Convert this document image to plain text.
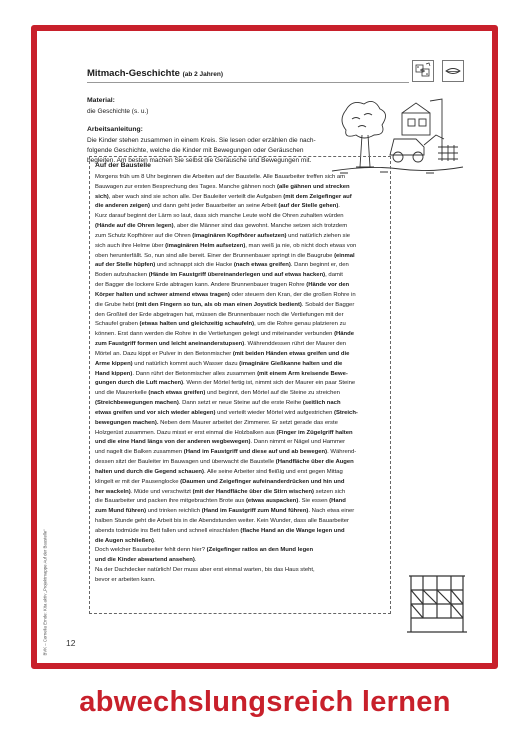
BVK – Cornelia Ernde: Kita aktiv „Projektmappe Auf der Baustelle“
Mitmach-Geschichte (ab 2 Jahren)
Material:
die Geschichte (s. u.)
Arbeitsanleitung:
Die Kinder stehen zusammen in einem Kreis. Sie lesen oder erzählen die nach-
folgende Geschichte, welche die Kinder mit Bewegungen oder Geräuschen
begleiten. Am besten machen Sie selbst die Geräusche und Bewegungen mit.
Auf der Baustelle
Morgens früh um 8 Uhr beginnen die Arbeiten auf der Baustelle. Alle Bauarbeiter treffen sich am
Bauwagen zur ersten Besprechung des Tages. Manche gähnen noch (alle gähnen und strecken
sich), aber wach sind sie schon alle. Der Bauleiter verteilt die Aufgaben (mit dem Zeigefinger auf
die anderen zeigen) und dann geht jeder Bauarbeiter an seine Arbeit (auf der Stelle gehen).
Kurz darauf beginnt der Lärm so laut, dass sich manche Leute wohl die Ohren zuhalten würden
(Hände auf die Ohren legen), aber die Männer sind das gewohnt. Manche setzen sich trotzdem
zum Schutz Kopfhörer auf die Ohren (imaginären Kopfhörer aufsetzen) und natürlich ziehen sie
sich auch ihre Helme über (imaginären Helm aufsetzen), man weiß ja nie, ob nicht doch etwas von
oben herunterfällt. So, nun sind alle bereit. Einer der Brunnenbauer springt in die Baugrube (einmal
auf der Stelle hüpfen) und schnappt sich die Hacke (nach etwas greifen). Dann beginnt er, den
Boden aufzuhacken (Hände im Faustgriff übereinanderlegen und auf etwas hacken), damit
der Bagger die lockere Erde abtragen kann. Andere Brunnenbauer tragen Rohre (Hände vor den
Körper halten und schwer atmend etwas tragen) oder steuern den Kran, der die großen Rohre in
die Grube hebt (mit den Fingern so tun, als ob man einen Joystick bedient). Sobald der Bagger
den Großteil der Erde abgetragen hat, müssen die Brunnenbauer noch die Vertiefungen mit der
Schaufel graben (etwas halten und gleichzeitig schaufeln), um die Rohre genau platzieren zu
können. Erst dann werden die Rohre in die Vertiefungen gelegt und miteinander verbunden (Hände
zum Faustgriff formen und leicht aneinanderstupsen). Währenddessen rührt der Maurer den
Mörtel an. Dazu kippt er Pulver in den Betonmischer (mit beiden Händen etwas greifen und die
Arme kippen) und natürlich kommt auch Wasser dazu (imaginäre Gießkanne halten und die
Hand kippen). Dann rührt der Betonmischer alles zusammen (mit einem Arm kreisende Bewe-
gungen durch die Luft machen). Wenn der Mörtel fertig ist, nimmt sich der Maurer ein paar Steine
und die Maurerkelle (nach etwas greifen) und beginnt, den Mörtel auf die Steine zu streichen
(Streichbewegungen machen). Dann setzt er neue Steine auf die erste Reihe (seitlich nach
etwas greifen und vor sich wieder ablegen) und verteilt wieder Mörtel wird aufgestrichen (Streich-
bewegungen machen). Neben dem Maurer arbeitet der Zimmerer. Er setzt gerade das erste
Holzgerüst zusammen. Dazu misst er erst einmal die Holzbalken aus (Finger im Zügelgriff halten
und die eine Hand längs von der anderen wegbewegen). Dann nimmt er Nägel und Hammer
und nagelt die Balken zusammen (Hand im Faustgriff und diese auf und ab bewegen). Während-
dessen sitzt der Bauleiter im Bauwagen und überwacht die Baustelle (Handfläche über die Augen
halten und durch die Gegend schauen). Alle seine Arbeiter sind fleißig und erst gegen Mittag
klingelt er mit der Pausenglocke (Daumen und Zeigefinger aufeinanderdrücken und hin und
her wackeln). Müde und verschwitzt (mit der Handfläche über die Stirn wischen) setzen sich
die Bauarbeiter und packen ihre mitgebrachten Brote aus (etwas auspacken). Sie essen (Hand
zum Mund führen) und trinken reichlich (Hand im Faustgriff zum Mund führen). Nach etwa einer
halben Stunde geht die Arbeit bis in die Abendstunden weiter. Kein Wunder, dass alle Bauarbeiter
abends todmüde ins Bett fallen und schnell einschlafen (flache Hand an die Wange legen und
die Augen schließen).
Doch welcher Bauarbeiter fehlt denn hier? (Zeigefinger ratlos an den Mund legen
und die Kinder abwartend ansehen).
Na der Dachdecker natürlich! Der muss aber erst einmal warten, bis das Haus steht,
bevor er arbeiten kann.
12
abwechslungsreich lernen
